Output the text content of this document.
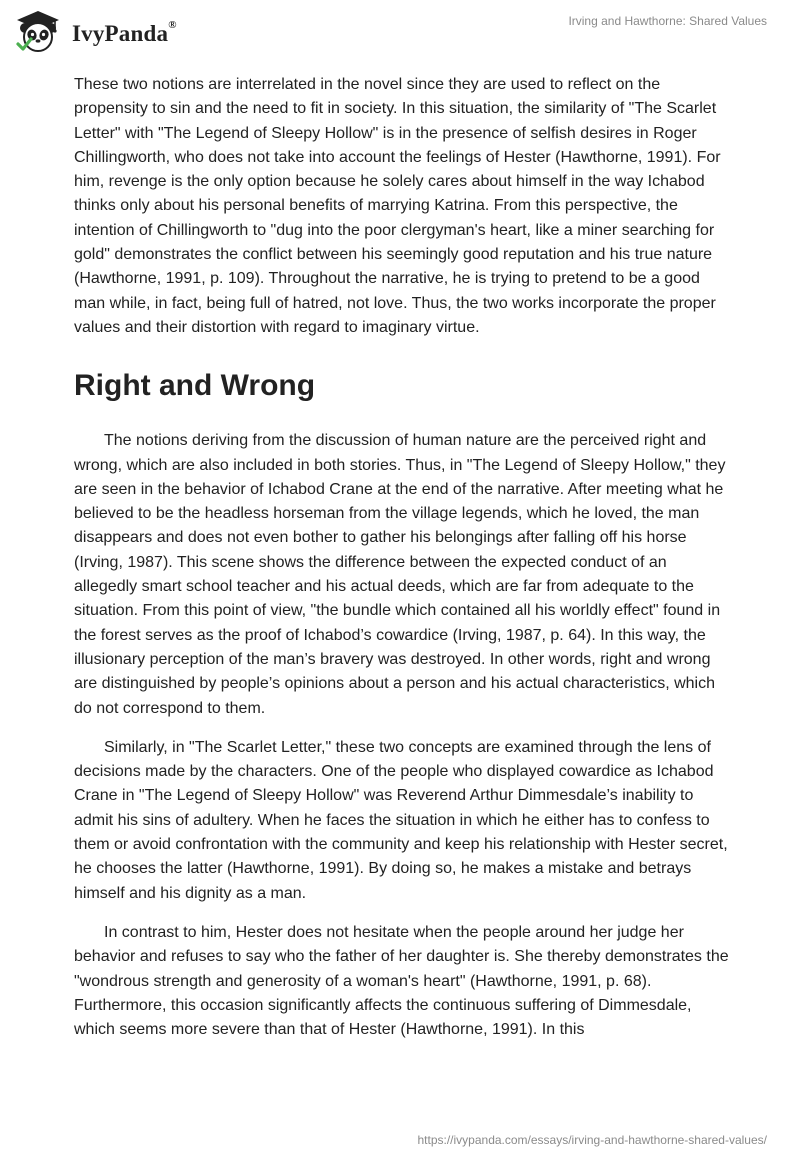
IvyPanda®	Irving and Hawthorne: Shared Values

These two notions are interrelated in the novel since they are used to reflect on the propensity to sin and the need to fit in society. In this situation, the similarity of "The Scarlet Letter" with "The Legend of Sleepy Hollow" is in the presence of selfish desires in Roger Chillingworth, who does not take into account the feelings of Hester (Hawthorne, 1991). For him, revenge is the only option because he solely cares about himself in the way Ichabod thinks only about his personal benefits of marrying Katrina. From this perspective, the intention of Chillingworth to "dug into the poor clergyman's heart, like a miner searching for gold" demonstrates the conflict between his seemingly good reputation and his true nature (Hawthorne, 1991, p. 109). Throughout the narrative, he is trying to pretend to be a good man while, in fact, being full of hatred, not love. Thus, the two works incorporate the proper values and their distortion with regard to imaginary virtue.

Right and Wrong

The notions deriving from the discussion of human nature are the perceived right and wrong, which are also included in both stories. Thus, in "The Legend of Sleepy Hollow," they are seen in the behavior of Ichabod Crane at the end of the narrative. After meeting what he believed to be the headless horseman from the village legends, which he loved, the man disappears and does not even bother to gather his belongings after falling off his horse (Irving, 1987). This scene shows the difference between the expected conduct of an allegedly smart school teacher and his actual deeds, which are far from adequate to the situation. From this point of view, "the bundle which contained all his worldly effect" found in the forest serves as the proof of Ichabod’s cowardice (Irving, 1987, p. 64). In this way, the illusionary perception of the man’s bravery was destroyed. In other words, right and wrong are distinguished by people’s opinions about a person and his actual characteristics, which do not correspond to them.

Similarly, in "The Scarlet Letter," these two concepts are examined through the lens of decisions made by the characters. One of the people who displayed cowardice as Ichabod Crane in "The Legend of Sleepy Hollow" was Reverend Arthur Dimmesdale’s inability to admit his sins of adultery. When he faces the situation in which he either has to confess to them or avoid confrontation with the community and keep his relationship with Hester secret, he chooses the latter (Hawthorne, 1991). By doing so, he makes a mistake and betrays himself and his dignity as a man.

In contrast to him, Hester does not hesitate when the people around her judge her behavior and refuses to say who the father of her daughter is. She thereby demonstrates the "wondrous strength and generosity of a woman's heart" (Hawthorne, 1991, p. 68). Furthermore, this occasion significantly affects the continuous suffering of Dimmesdale, which seems more severe than that of Hester (Hawthorne, 1991). In this

https://ivypanda.com/essays/irving-and-hawthorne-shared-values/
